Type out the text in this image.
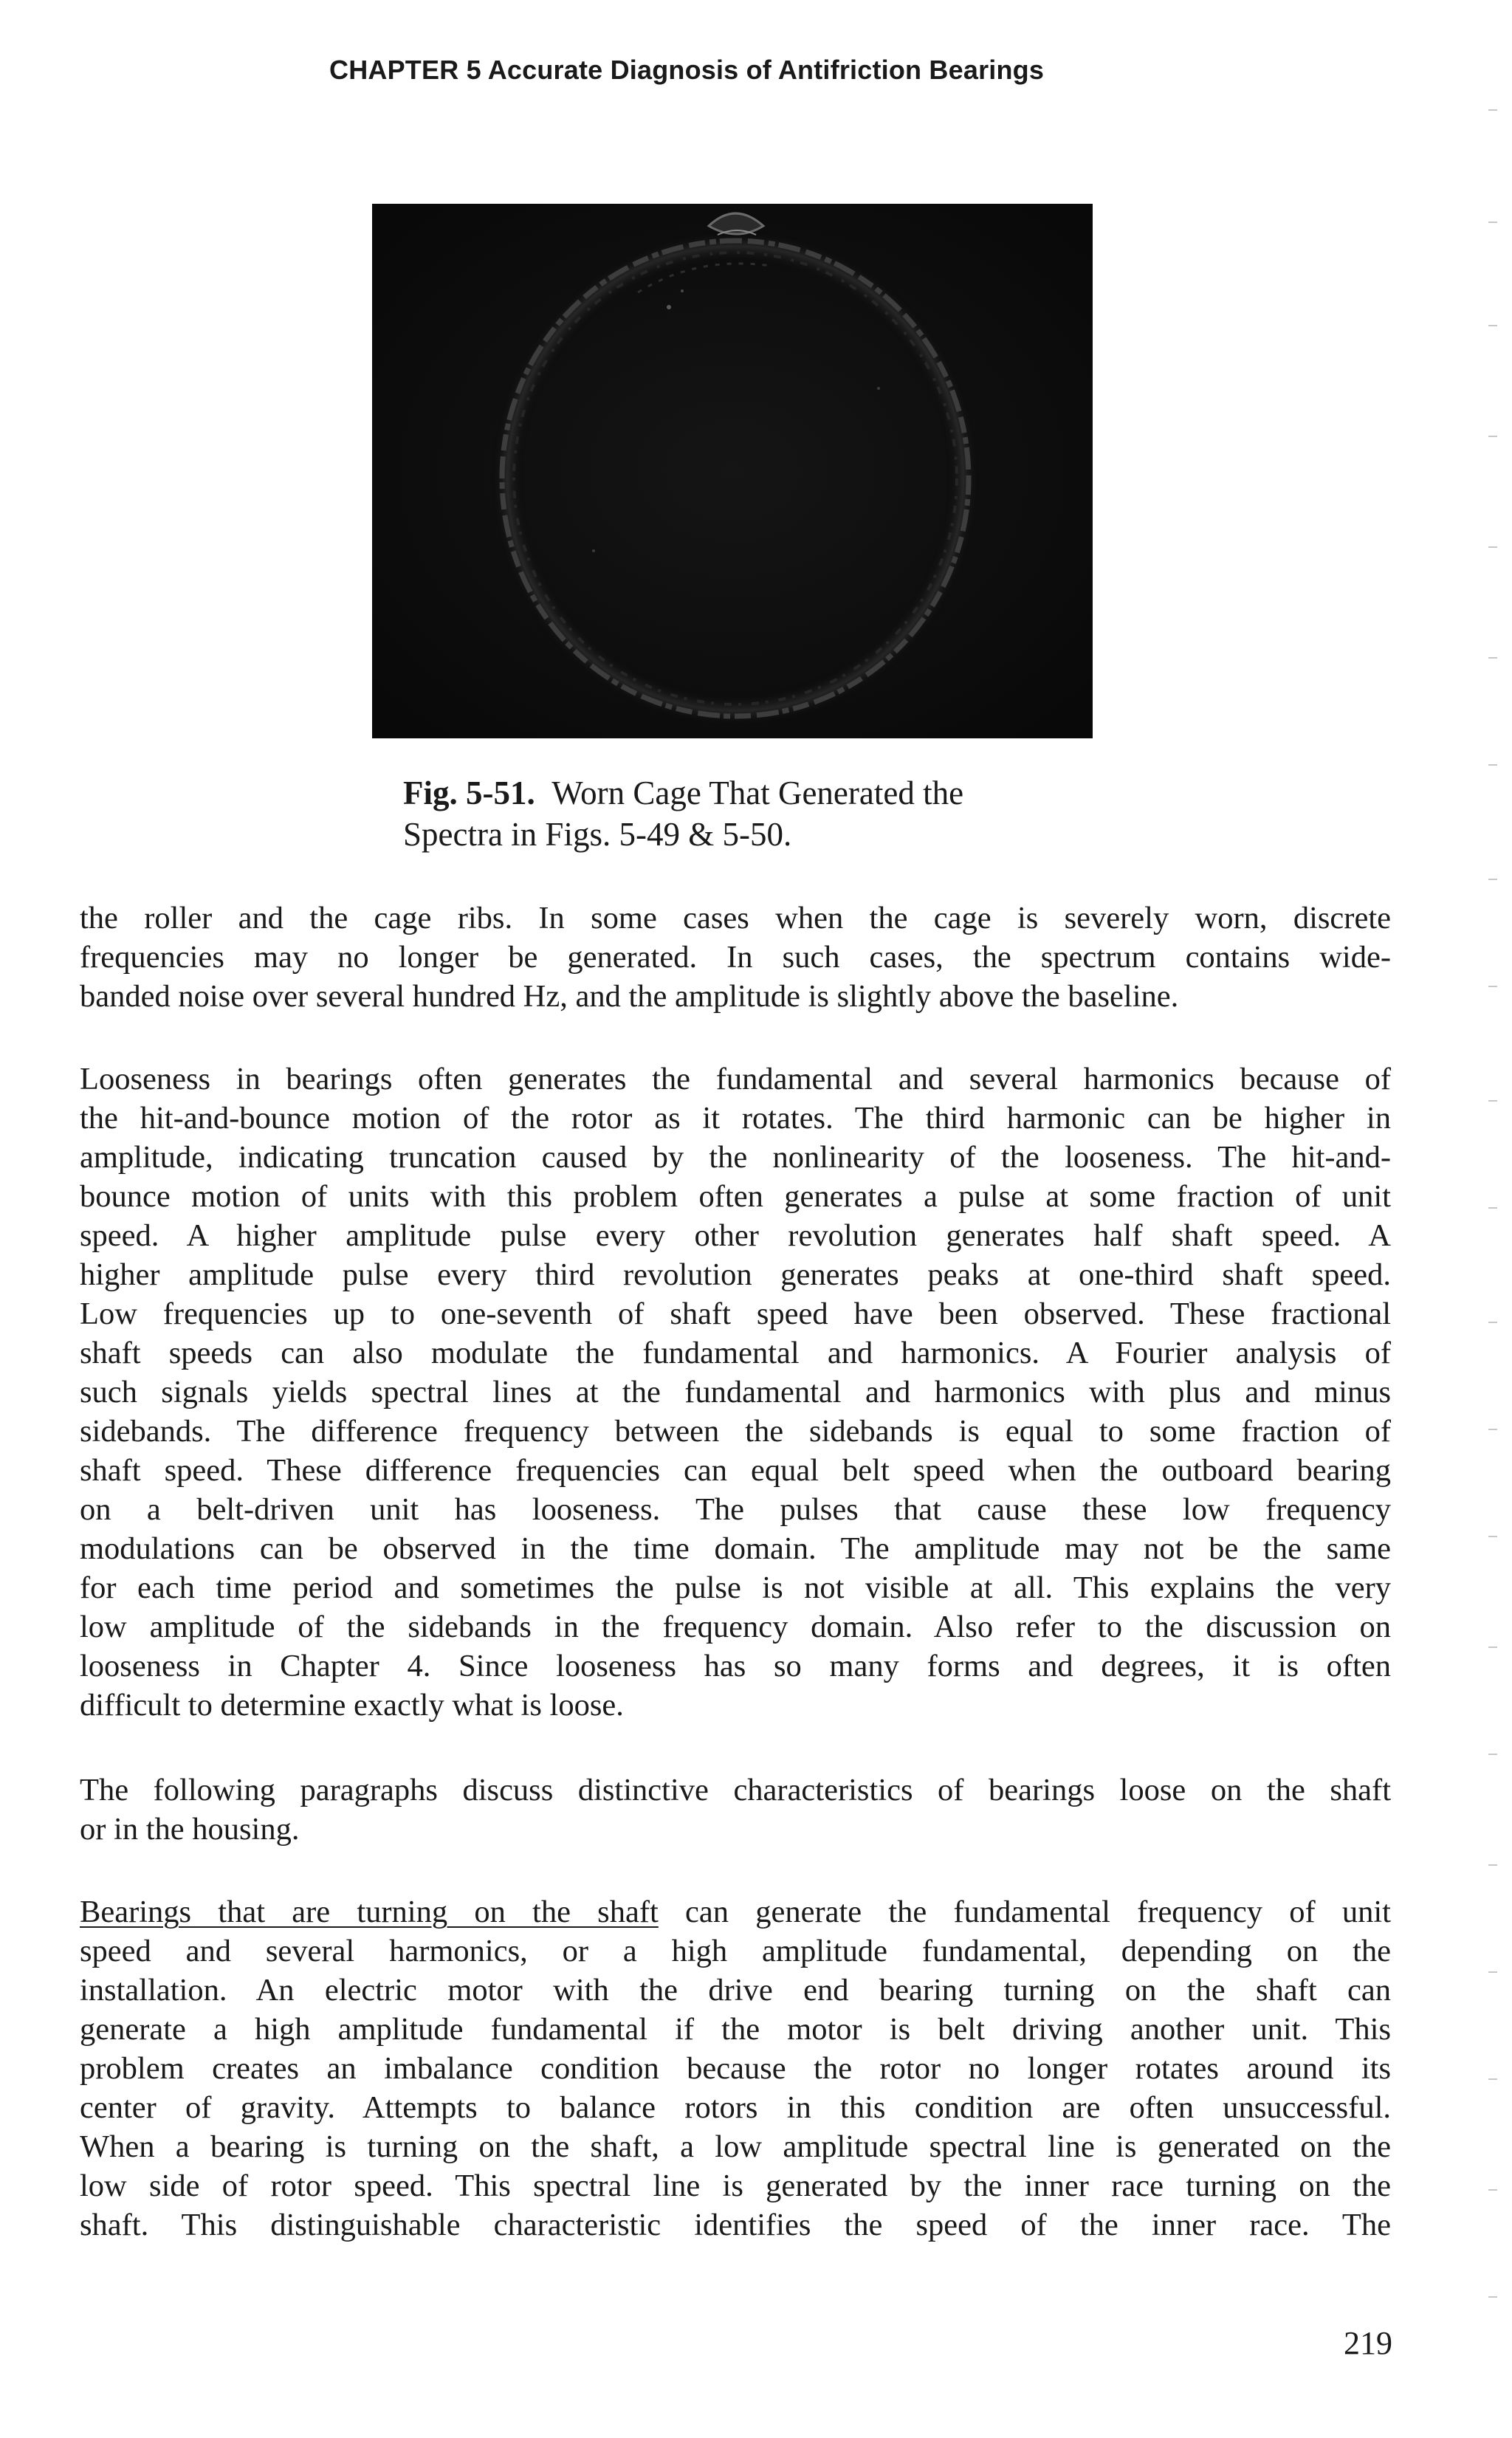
CHAPTER 5 Accurate Diagnosis of Antifriction Bearings
Fig. 5-51. Worn Cage That Generated the
Spectra in Figs. 5-49 & 5-50.
the roller and the cage ribs. In some cases when the cage is severely worn, discrete
frequencies may no longer be generated. In such cases, the spectrum contains wide-
banded noise over several hundred Hz, and the amplitude is slightly above the baseline.
Looseness in bearings often generates the fundamental and several harmonics because of
the hit-and-bounce motion of the rotor as it rotates. The third harmonic can be higher in
amplitude, indicating truncation caused by the nonlinearity of the looseness. The hit-and-
bounce motion of units with this problem often generates a pulse at some fraction of unit
speed. A higher amplitude pulse every other revolution generates half shaft speed. A
higher amplitude pulse every third revolution generates peaks at one-third shaft speed.
Low frequencies up to one-seventh of shaft speed have been observed. These fractional
shaft speeds can also modulate the fundamental and harmonics. A Fourier analysis of
such signals yields spectral lines at the fundamental and harmonics with plus and minus
sidebands. The difference frequency between the sidebands is equal to some fraction of
shaft speed. These difference frequencies can equal belt speed when the outboard bearing
on a belt-driven unit has looseness. The pulses that cause these low frequency
modulations can be observed in the time domain. The amplitude may not be the same
for each time period and sometimes the pulse is not visible at all. This explains the very
low amplitude of the sidebands in the frequency domain. Also refer to the discussion on
looseness in Chapter 4. Since looseness has so many forms and degrees, it is often
difficult to determine exactly what is loose.
The following paragraphs discuss distinctive characteristics of bearings loose on the shaft
or in the housing.
Bearings that are turning on the shaft can generate the fundamental frequency of unit
speed and several harmonics, or a high amplitude fundamental, depending on the
installation. An electric motor with the drive end bearing turning on the shaft can
generate a high amplitude fundamental if the motor is belt driving another unit. This
problem creates an imbalance condition because the rotor no longer rotates around its
center of gravity. Attempts to balance rotors in this condition are often unsuccessful.
When a bearing is turning on the shaft, a low amplitude spectral line is generated on the
low side of rotor speed. This spectral line is generated by the inner race turning on the
shaft. This distinguishable characteristic identifies the speed of the inner race. The
219
